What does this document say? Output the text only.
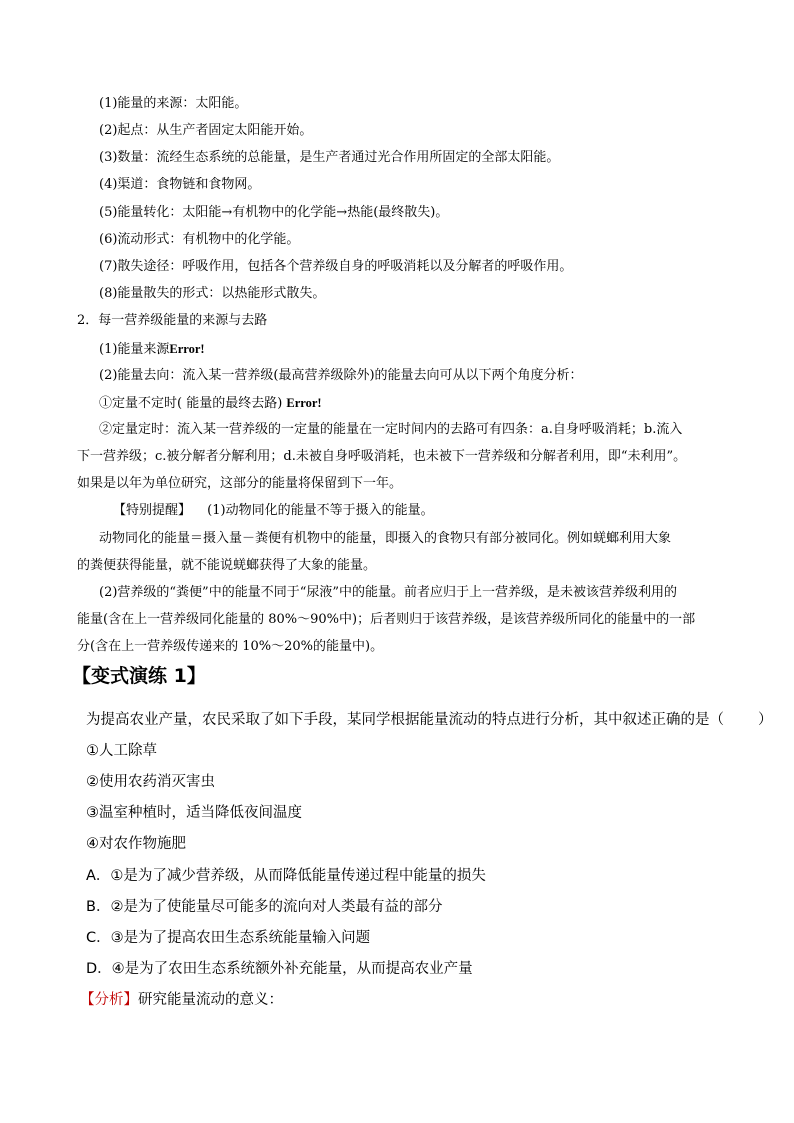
(1)能量的来源：太阳能。
(2)起点：从生产者固定太阳能开始。
(3)数量：流经生态系统的总能量，是生产者通过光合作用所固定的全部太阳能。
(4)渠道：食物链和食物网。
(5)能量转化：太阳能→有机物中的化学能→热能(最终散失)。
(6)流动形式：有机物中的化学能。
(7)散失途径：呼吸作用，包括各个营养级自身的呼吸消耗以及分解者的呼吸作用。
(8)能量散失的形式：以热能形式散失。
2．每一营养级能量的来源与去路
(1)能量来源Error!
(2)能量去向：流入某一营养级(最高营养级除外)的能量去向可从以下两个角度分析：
①定量不定时( 能量的最终去路) Error!
②定量定时：流入某一营养级的一定量的能量在一定时间内的去路可有四条：a.自身呼吸消耗；b.流入
下一营养级；c.被分解者分解利用；d.未被自身呼吸消耗，也未被下一营养级和分解者利用，即“未利用”。
如果是以年为单位研究，这部分的能量将保留到下一年。
【特别提醒】 (1)动物同化的能量不等于摄入的能量。
动物同化的能量＝摄入量－粪便有机物中的能量，即摄入的食物只有部分被同化。例如蜣螂利用大象
的粪便获得能量，就不能说蜣螂获得了大象的能量。
(2)营养级的“粪便”中的能量不同于“尿液”中的能量。前者应归于上一营养级，是未被该营养级利用的
能量(含在上一营养级同化能量的 80%～90%中)；后者则归于该营养级，是该营养级所同化的能量中的一部
分(含在上一营养级传递来的 10%～20%的能量中)。
【变式演练 1】
为提高农业产量，农民采取了如下手段，某同学根据能量流动的特点进行分析，其中叙述正确的是（ ）
①人工除草
②使用农药消灭害虫
③温室种植时，适当降低夜间温度
④对农作物施肥
A．①是为了减少营养级，从而降低能量传递过程中能量的损失
B．②是为了使能量尽可能多的流向对人类最有益的部分
C．③是为了提高农田生态系统能量输入问题
D．④是为了农田生态系统额外补充能量，从而提高农业产量
【分析】研究能量流动的意义：
